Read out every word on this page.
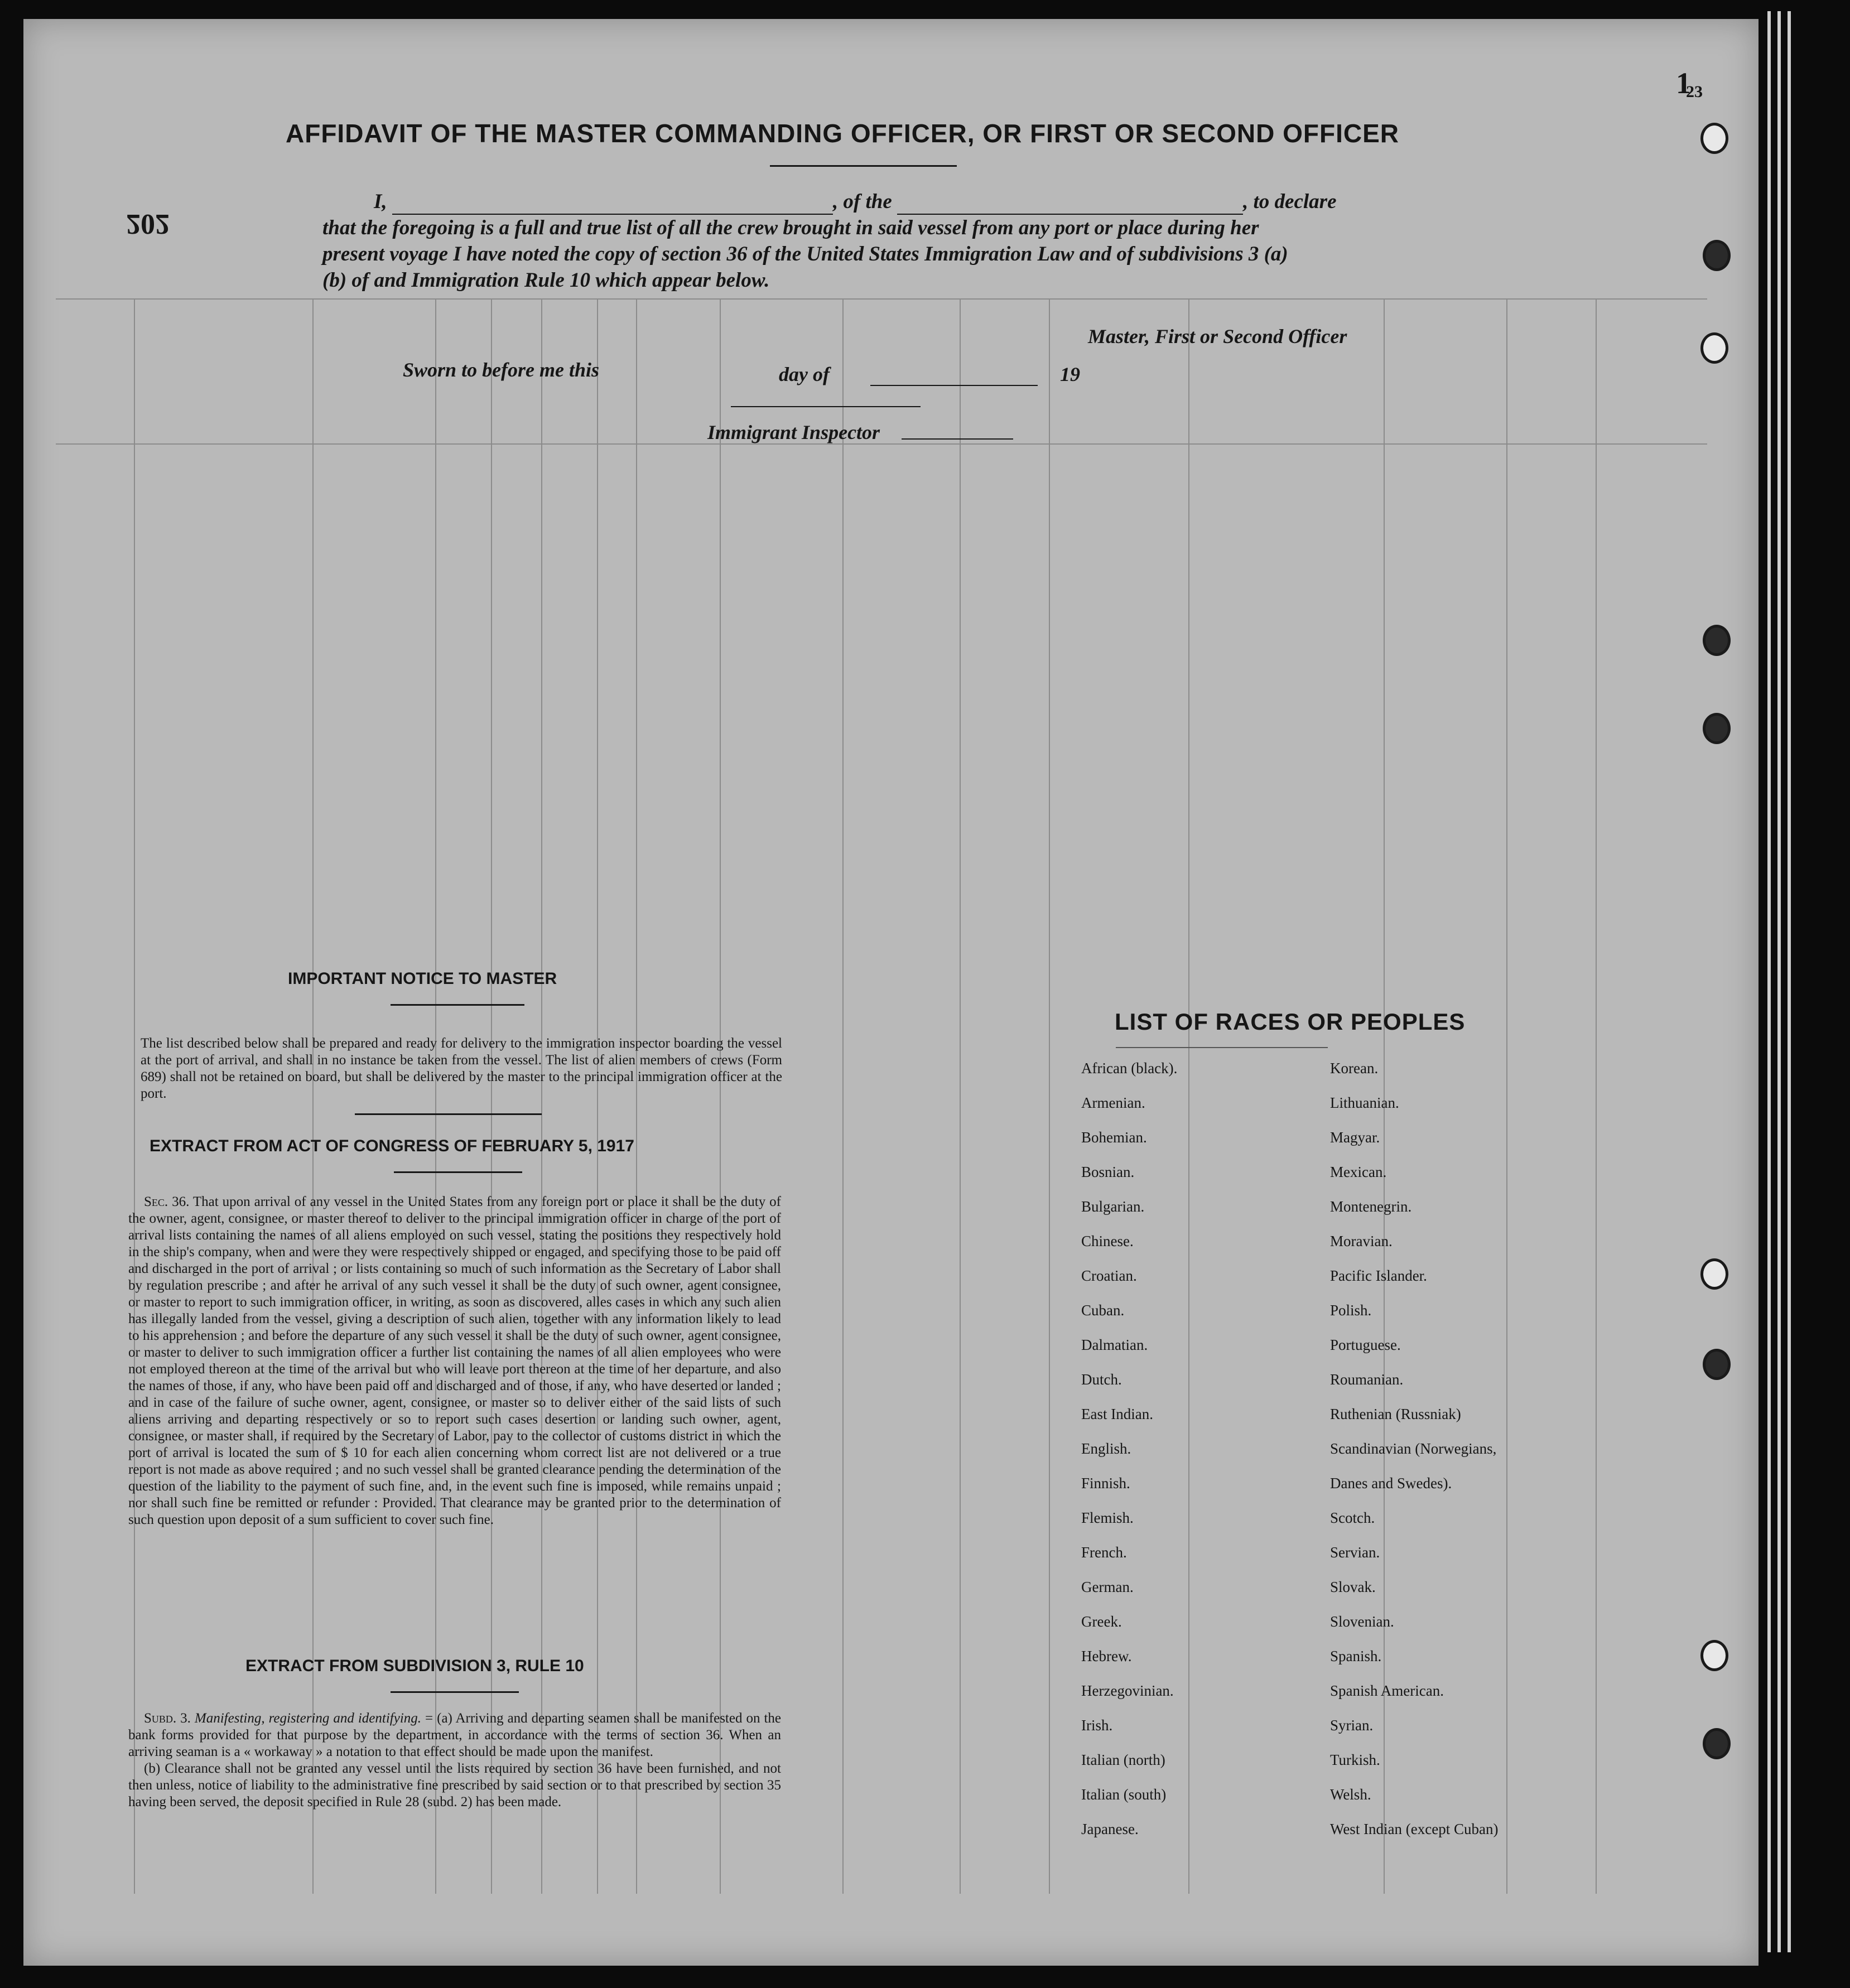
1
23
202
AFFIDAVIT OF THE MASTER COMMANDING OFFICER, OR FIRST OR SECOND OFFICER
I,	, of the	, to declare
that the foregoing is a full and true list of all the crew brought in said vessel from any port or place during her
present voyage I have noted the copy of section 36 of the United States Immigration Law and of subdivisions 3 (a)
(b) of and Immigration Rule 10 which appear below.
Master, First or Second Officer
Sworn to before me this	day of	19
Immigrant Inspector
IMPORTANT NOTICE TO MASTER
The list described below shall be prepared and ready for delivery to the immigration inspector boarding the vessel at the port of arrival, and shall in no instance be taken from the vessel. The list of alien members of crews (Form 689) shall not be retained on board, but shall be delivered by the master to the principal immigration officer at the port.
EXTRACT FROM ACT OF CONGRESS OF FEBRUARY 5, 1917

Sec. 36. That upon arrival of any vessel in the United States from any foreign port or place it shall be the duty of the owner, agent, consignee, or master thereof to deliver to the principal immigration officer in charge of the port of arrival lists containing the names of all aliens employed on such vessel, stating the positions they respectively hold in the ship's company, when and were they were respectively shipped or engaged, and specifying those to be paid off and discharged in the port of arrival ; or lists containing so much of such information as the Secretary of Labor shall by regulation prescribe ; and after he arrival of any such vessel it shall be the duty of such owner, agent consignee, or master to report to such immigration officer, in writing, as soon as discovered, alles cases in which any such alien has illegally landed from the vessel, giving a description of such alien, together with any information likely to lead to his apprehension ; and before the departure of any such vessel it shall be the duty of such owner, agent consignee, or master to deliver to such immigration officer a further list containing the names of all alien employees who were not employed thereon at the time of the arrival but who will leave port thereon at the time of her departure, and also the names of those, if any, who have been paid off and discharged and of those, if any, who have deserted or landed ; and in case of the failure of suche owner, agent, consignee, or master so to deliver either of the said lists of such aliens arriving and departing respectively or so to report such cases desertion or landing such owner, agent, consignee, or master shall, if required by the Secretary of Labor, pay to the collector of customs district in which the port of arrival is located the sum of $ 10 for each alien concerning whom correct list are not delivered or a true report is not made as above required ; and no such vessel shall be granted clearance pending the determination of the question of the liability to the payment of such fine, and, in the event such fine is imposed, while remains unpaid ; nor shall such fine be remitted or refunder : Provided. That clearance may be granted prior to the determination of such question upon deposit of a sum sufficient to cover such fine.

EXTRACT FROM SUBDIVISION 3, RULE 10

Subd. 3. Manifesting, registering and identifying. = (a) Arriving and departing seamen shall be manifested on the bank forms provided for that purpose by the department, in accordance with the terms of section 36. When an arriving seaman is a « workaway » a notation to that effect should be made upon the manifest.

(b) Clearance shall not be granted any vessel until the lists required by section 36 have been furnished, and not then unless, notice of liability to the administrative fine prescribed by said section or to that prescribed by section 35 having been served, the deposit specified in Rule 28 (subd. 2) has been made.

LIST OF RACES OR PEOPLES
African (black).
Armenian.
Bohemian.
Bosnian.
Bulgarian.
Chinese.
Croatian.
Cuban.
Dalmatian.
Dutch.
East Indian.
English.
Finnish.
Flemish.
French.
German.
Greek.
Hebrew.
Herzegovinian.
Irish.
Italian (north)
Italian (south)
Japanese.
Korean.
Lithuanian.
Magyar.
Mexican.
Montenegrin.
Moravian.
Pacific Islander.
Polish.
Portuguese.
Roumanian.
Ruthenian (Russniak)
Scandinavian (Norwegians,
Danes and Swedes).
Scotch.
Servian.
Slovak.
Slovenian.
Spanish.
Spanish American.
Syrian.
Turkish.
Welsh.
West Indian (except Cuban)
